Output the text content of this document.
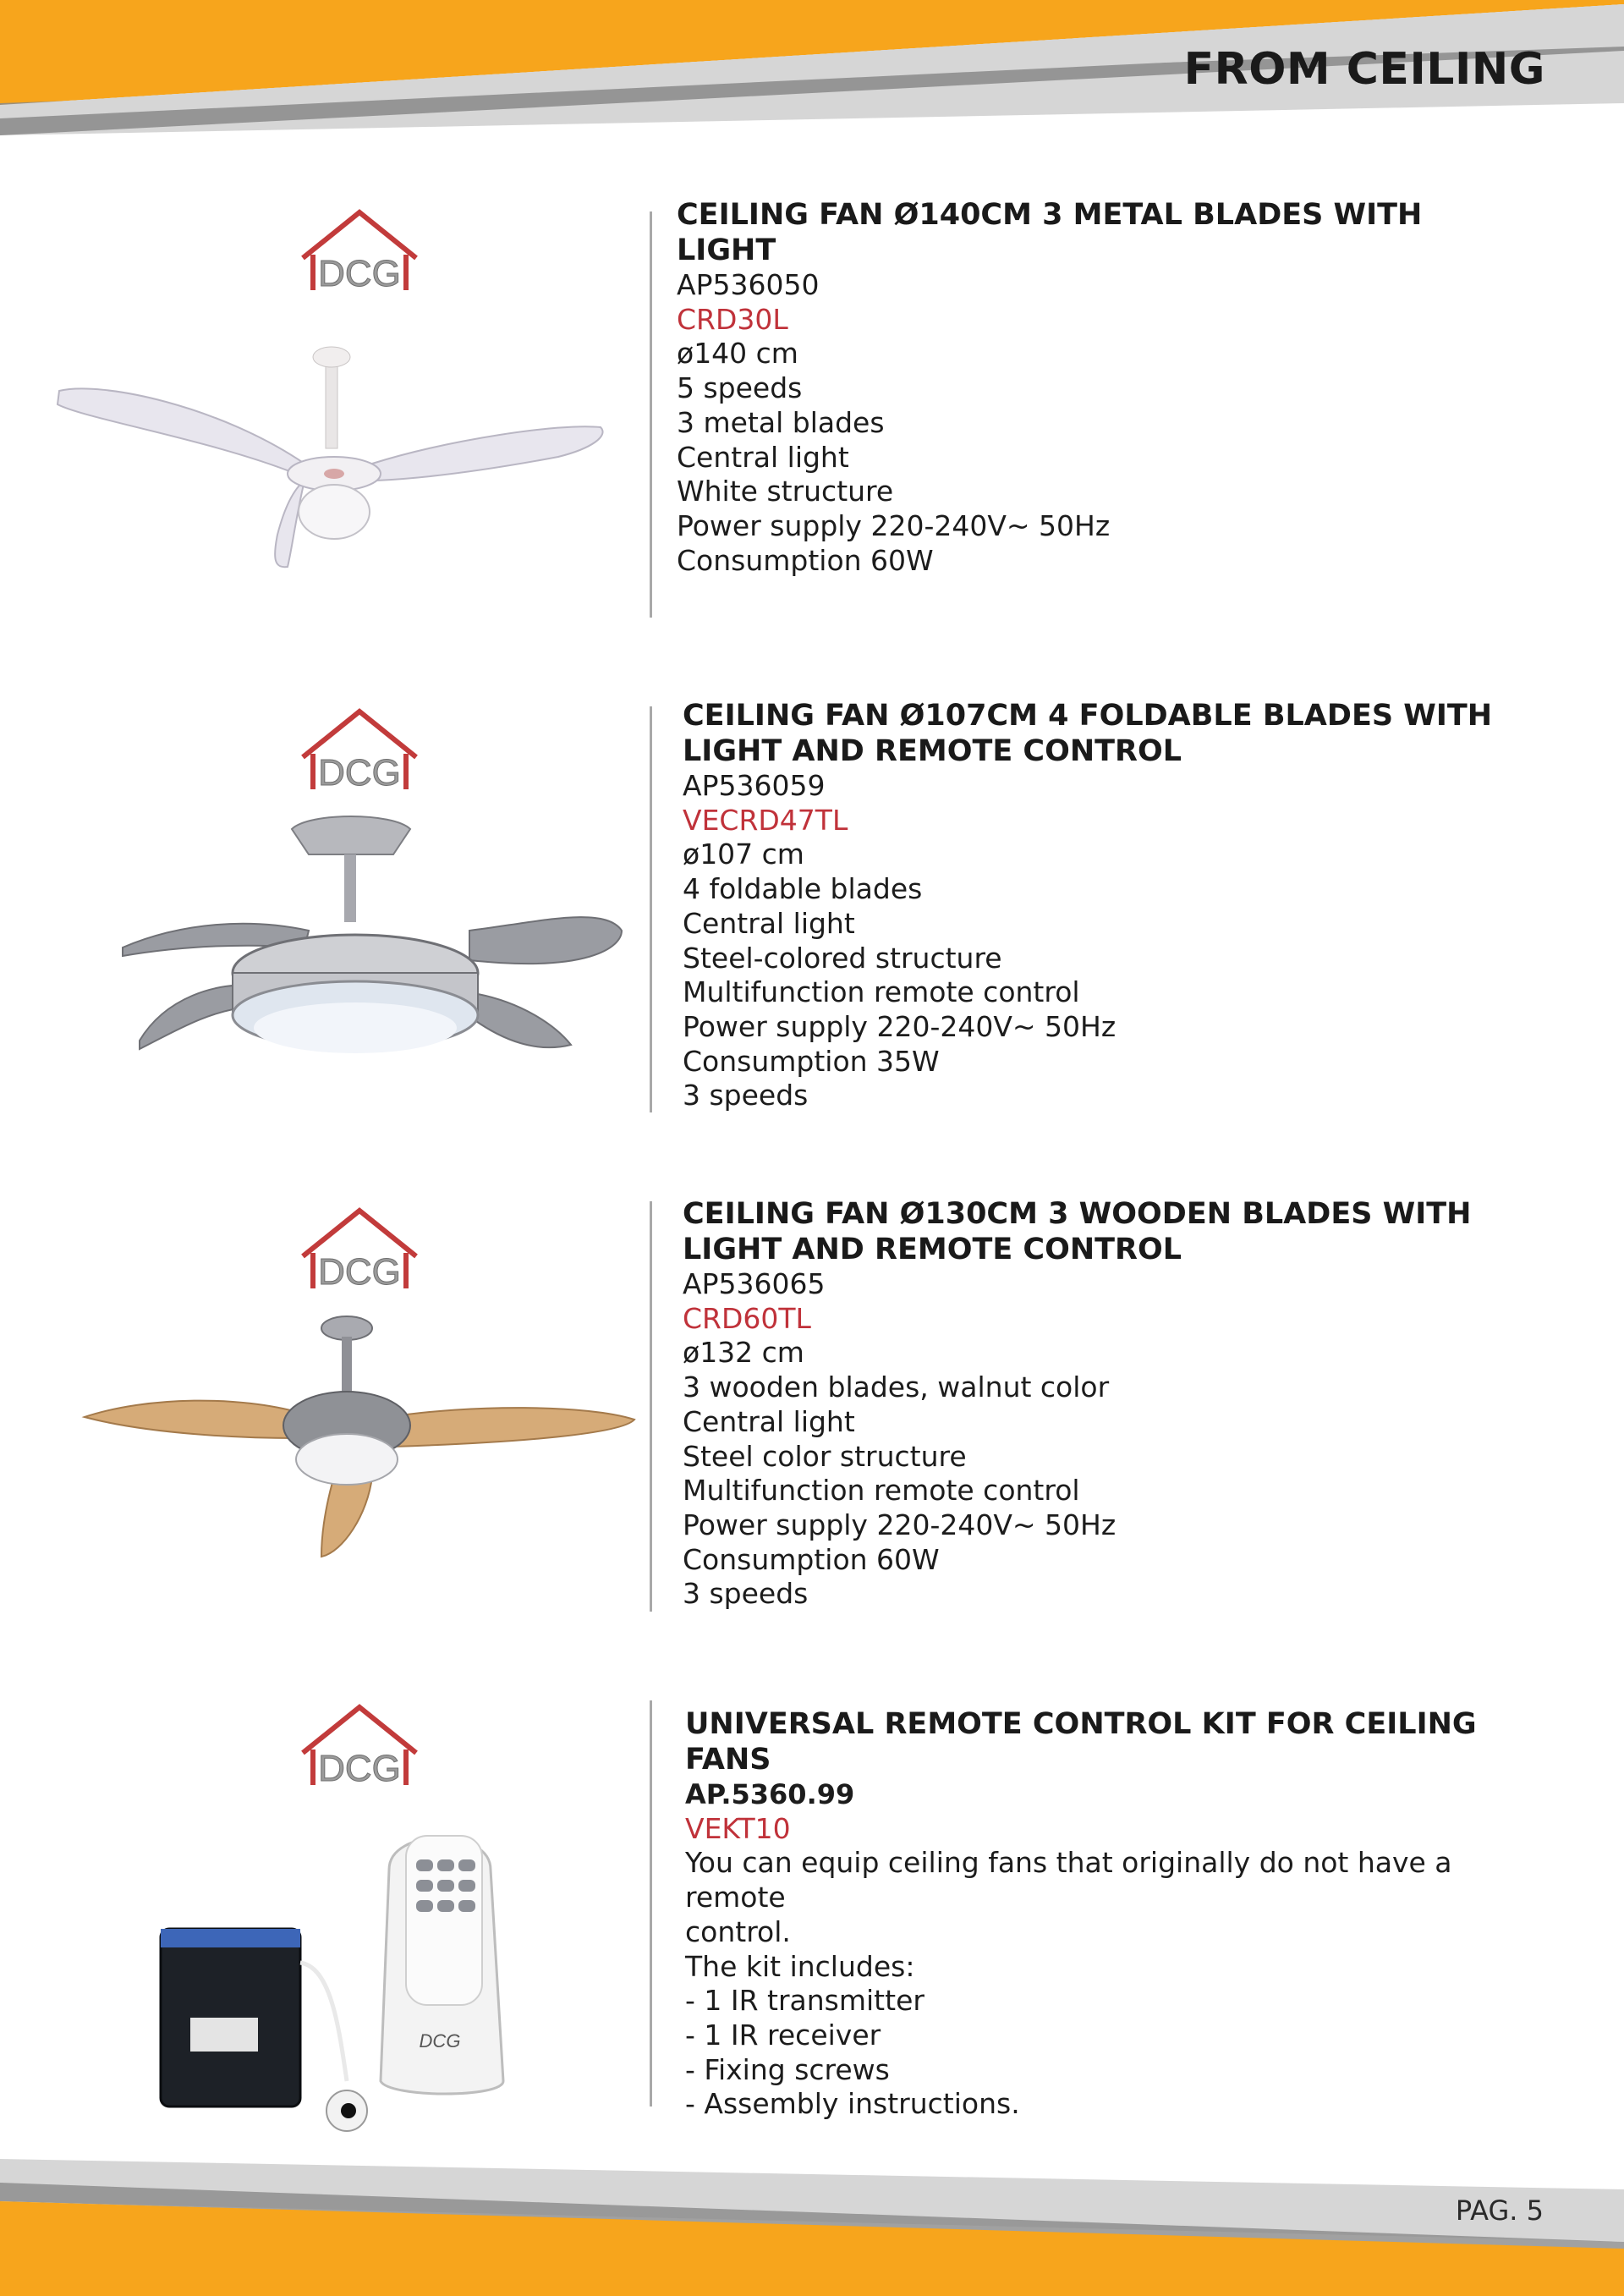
FROM CEILING
DCG

CEILING FAN Ø140CM 3 METAL BLADES WITH LIGHT

AP536050

CRD30L

ø140 cm

5 speeds

3 metal blades

Central light

White structure

Power supply 220-240V~ 50Hz

Consumption 60W

DCG

CEILING FAN Ø107CM 4 FOLDABLE BLADES WITH LIGHT AND REMOTE CONTROL

AP536059

VECRD47TL

ø107 cm

4 foldable blades

Central light

Steel-colored structure

Multifunction remote control

Power supply 220-240V~ 50Hz

Consumption 35W

3 speeds

DCG

CEILING FAN Ø130CM 3 WOODEN BLADES WITH LIGHT AND REMOTE CONTROL

AP536065

CRD60TL

ø132 cm

3 wooden blades, walnut color

Central light

Steel color structure

Multifunction remote control

Power supply 220-240V~ 50Hz

Consumption 60W

3 speeds

DCG
DCG

UNIVERSAL REMOTE CONTROL KIT FOR CEILING FANS

AP.5360.99

VEKT10

You can equip ceiling fans that originally do not have a remote

control.

The kit includes:

- 1 IR transmitter

- 1 IR receiver

- Fixing screws

- Assembly instructions.

PAG. 5
